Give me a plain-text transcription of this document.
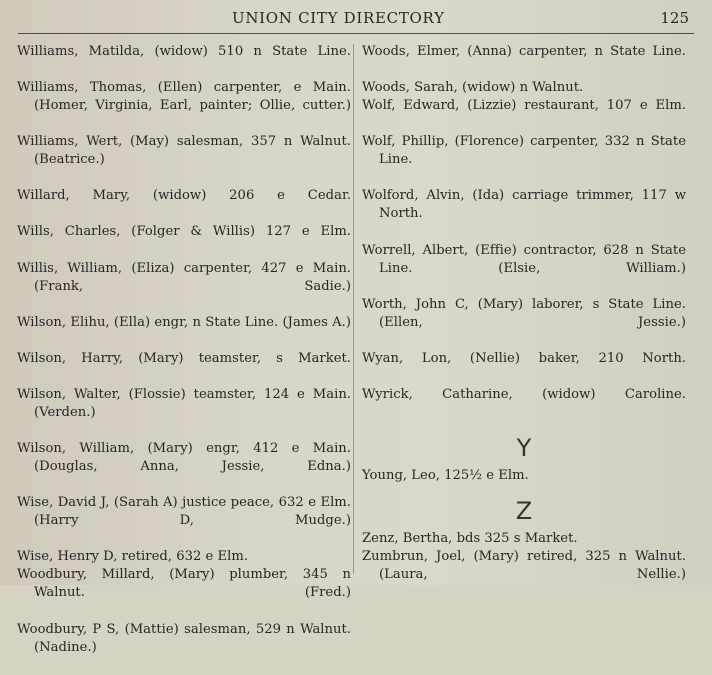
UNION CITY DIRECTORY	125

Williams, Matilda, (widow) 510 n State Line.

Williams, Thomas, (Ellen) carpenter, e Main. (Homer, Virginia, Earl, painter; Ollie, cutter.)

Williams, Wert, (May) salesman, 357 n Walnut. (Beatrice.)

Willard, Mary, (widow) 206 e Cedar.

Wills, Charles, (Folger & Willis) 127 e Elm.

Willis, William, (Eliza) carpenter, 427 e Main. (Frank, Sadie.)

Wilson, Elihu, (Ella) engr, n State Line. (James A.)

Wilson, Harry, (Mary) teamster, s Market.

Wilson, Walter, (Flossie) teamster, 124 e Main. (Verden.)

Wilson, William, (Mary) engr, 412 e Main. (Douglas, Anna, Jessie, Edna.)

Wise, David J, (Sarah A) justice peace, 632 e Elm. (Harry D, Mudge.)

Wise, Henry D, retired, 632 e Elm.

Woodbury, Millard, (Mary) plumber, 345 n Walnut. (Fred.)

Woodbury, P S, (Mattie) salesman, 529 n Walnut. (Nadine.)

Woods, Elmer, (Anna) carpenter, n State Line.

Woods, Sarah, (widow) n Walnut.

Wolf, Edward, (Lizzie) restaurant, 107 e Elm.

Wolf, Phillip, (Florence) carpenter, 332 n State Line.

Wolford, Alvin, (Ida) carriage trimmer, 117 w North.

Worrell, Albert, (Effie) contractor, 628 n State Line. (Elsie, William.)

Worth, John C, (Mary) laborer, s State Line. (Ellen, Jessie.)

Wyan, Lon, (Nellie) baker, 210 North.

Wyrick, Catharine, (widow) Caroline.

Y

Young, Leo, 125½ e Elm.

Z

Zenz, Bertha, bds 325 s Market.

Zumbrun, Joel, (Mary) retired, 325 n Walnut. (Laura, Nellie.)
